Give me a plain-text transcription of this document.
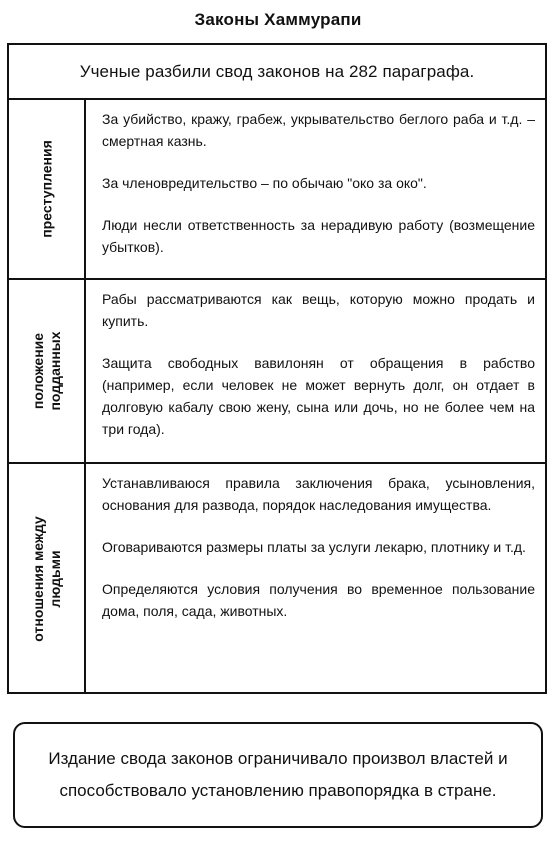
Законы Хаммурапи
Ученые разбили свод законов на 282 параграфа.
преступления

За убийство, кражу, грабеж, укрывательство беглого раба и т.д. – смертная казнь.

За членовредительство – по обычаю "око за око".

Люди несли ответственность за нерадивую работу (возмещение убытков).

положение подданных

Рабы рассматриваются как вещь, которую можно продать и купить.

Защита свободных вавилонян от обращения в рабство (например, если человек не может вернуть долг, он отдает в долговую кабалу свою жену, сына или дочь, но не более чем на три года).

отношения между людьми

Устанавливаюся правила заключения брака, усыновления, основания для развода, порядок наследования имущества.

Оговариваются размеры платы за услуги лекарю, плотнику и т.д.

Определяются условия получения во временное пользование дома, поля, сада, животных.

Издание свода законов ограничивало произвол властей и способствовало установлению правопорядка в стране.
